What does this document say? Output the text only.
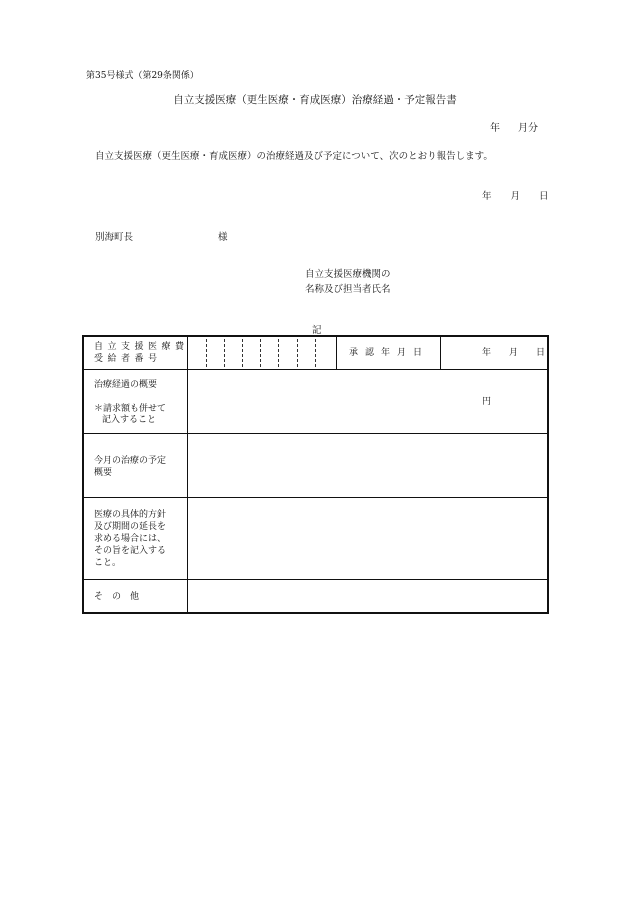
第35号様式（第29条関係）
自立支援医療（更生医療・育成医療）治療経過・予定報告書
年 月分
自立支援医療（更生医療・育成医療）の治療経過及び予定について、次のとおり報告します。
年 月 日
別海町長	様
自立支援医療機関の
名称及び担当者氏名
記
自立支援医療費
受給者番号
承認年月日	年 月 日
治療経過の概要
＊請求額も併せて
記入すること
円
今月の治療の予定
概要
医療の具体的方針
及び期間の延長を
求める場合には、
その旨を記入する
こと。
そ　の　他
